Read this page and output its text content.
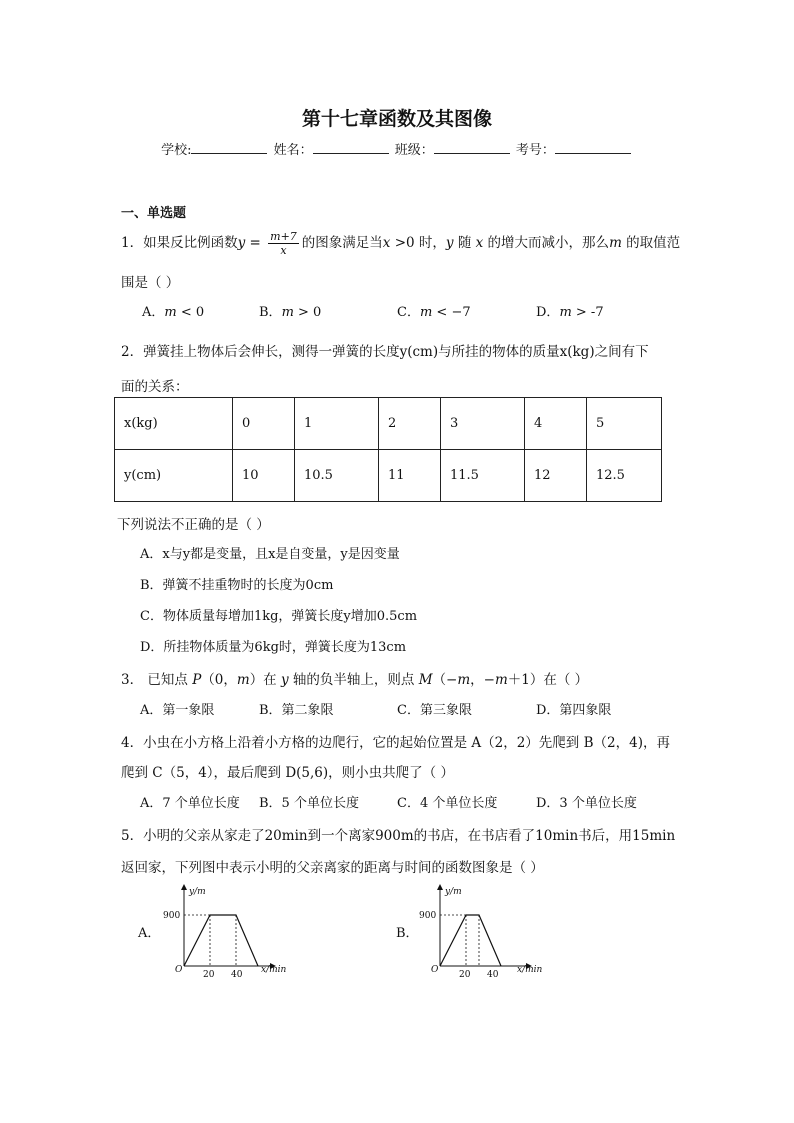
第十七章函数及其图像
学校:	姓名：	班级：	考号：
一、单选题
1．如果反比例函数$y = \frac{m+7}{x}$ 的图象满足当x >0 时，y 随 x 的增大而减小，那么m 的取值范
围是（ ）
A．m < 0	B．m > 0	C．m < −7	D．m > -7
2．弹簧挂上物体后会伸长，测得一弹簧的长度y(cm)与所挂的物体的质量x(kg)之间有下
面的关系：
x(kg)	0	1	2	3	4	5
y(cm)	10	10.5	11	11.5	12	12.5
下列说法不正确的是（ ）
A．x与y都是变量，且x是自变量，y是因变量
B．弹簧不挂重物时的长度为0cm
C．物体质量每增加1kg，弹簧长度y增加0.5cm
D．所挂物体质量为6kg时，弹簧长度为13cm
3． 已知点 P（0，m）在 y 轴的负半轴上，则点 M（−m，−m＋1）在（ ）
A．第一象限	B．第二象限	C．第三象限	D．第四象限
4．小虫在小方格上沿着小方格的边爬行，它的起始位置是 A（2，2）先爬到 B（2，4)，再
爬到 C（5，4），最后爬到 D(5,6)，则小虫共爬了（ ）
A．7 个单位长度 B．5 个单位长度	C．4 个单位长度	D．3 个单位长度
5．小明的父亲从家走了20min到一个离家900m的书店，在书店看了10min书后，用15min
返回家，下列图中表示小明的父亲离家的距离与时间的函数图象是（ ）
A．
y/m
x/min
O
900
20 40
B．
y/m
x/min
O
900
20 40
